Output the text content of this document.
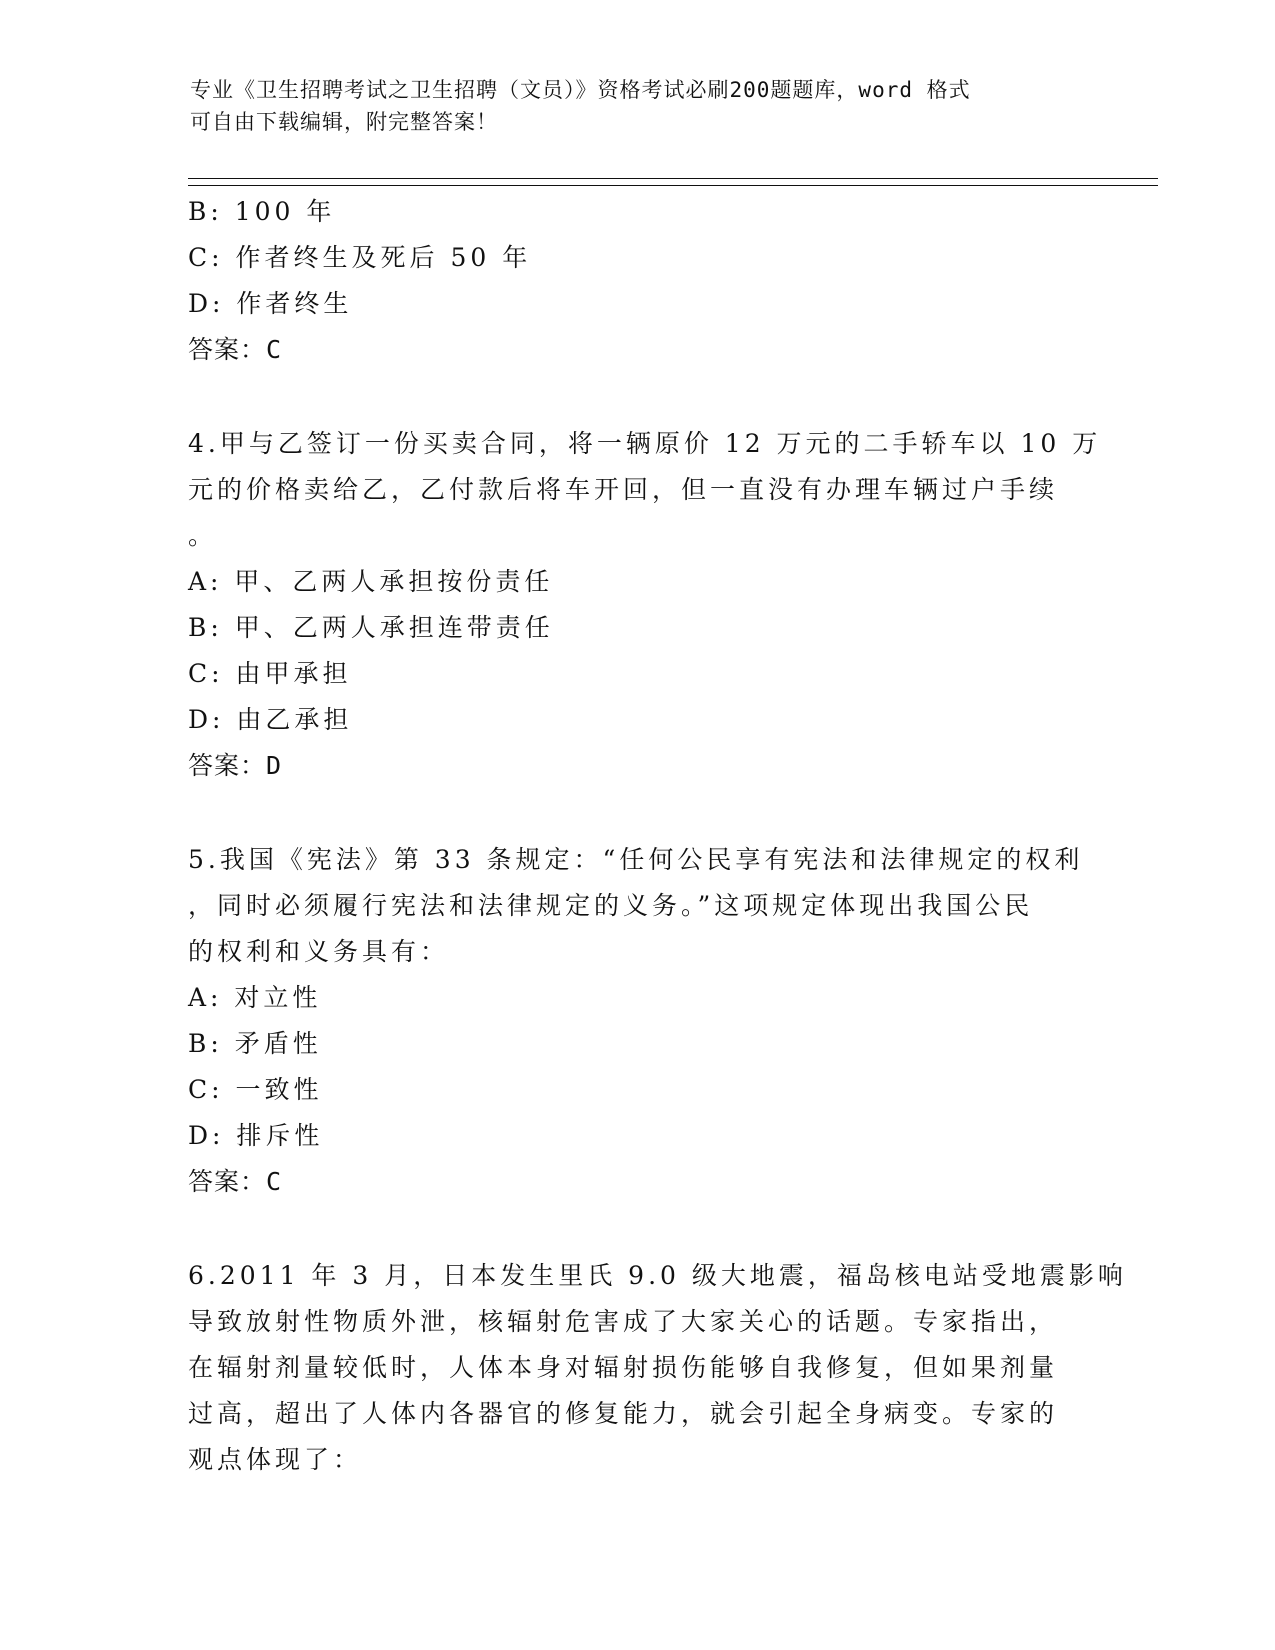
专业《卫生招聘考试之卫生招聘（文员）》资格考试必刷200题题库，word 格式
可自由下载编辑，附完整答案！
B: 100 年
C: 作者终生及死后 50 年
D: 作者终生
答案：C
4.甲与乙签订一份买卖合同，将一辆原价 12 万元的二手轿车以 10 万
元的价格卖给乙，乙付款后将车开回，但一直没有办理车辆过户手续
。
A: 甲、乙两人承担按份责任
B: 甲、乙两人承担连带责任
C: 由甲承担
D: 由乙承担
答案：D
5.我国《宪法》第 33 条规定：“任何公民享有宪法和法律规定的权利
，同时必须履行宪法和法律规定的义务。”这项规定体现出我国公民
的权利和义务具有：
A: 对立性
B: 矛盾性
C: 一致性
D: 排斥性
答案：C
6.2011 年 3 月，日本发生里氏 9.0 级大地震，福岛核电站受地震影响
导致放射性物质外泄，核辐射危害成了大家关心的话题。专家指出，
在辐射剂量较低时，人体本身对辐射损伤能够自我修复，但如果剂量
过高，超出了人体内各器官的修复能力，就会引起全身病变。专家的
观点体现了：
